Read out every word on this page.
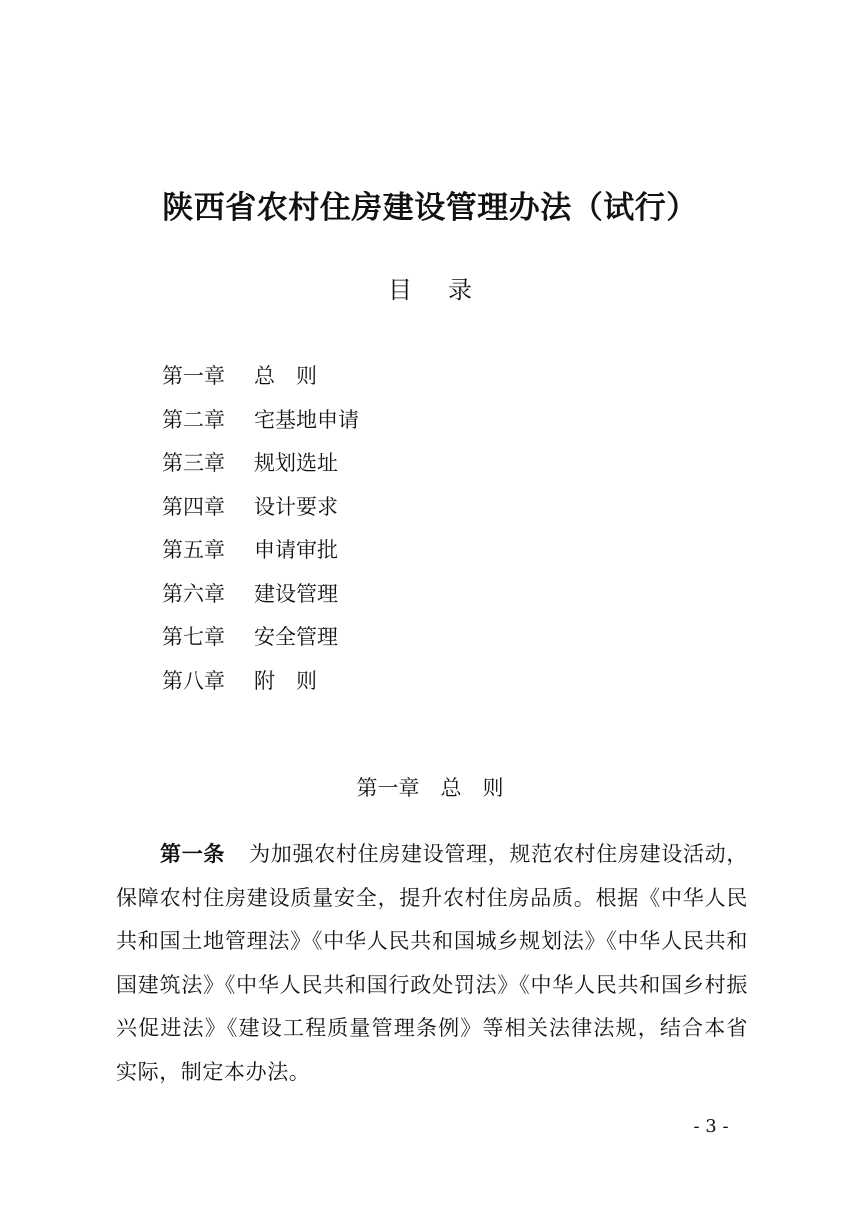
陕西省农村住房建设管理办法（试行）
目录
第一章 总　则
第二章 宅基地申请
第三章 规划选址
第四章 设计要求
第五章 申请审批
第六章 建设管理
第七章 安全管理
第八章 附　则
第一章　总　则

第一条 为加强农村住房建设管理，规范农村住房建设活动，保障农村住房建设质量安全，提升农村住房品质。根据《中华人民共和国土地管理法》《中华人民共和国城乡规划法》《中华人民共和国建筑法》《中华人民共和国行政处罚法》《中华人民共和国乡村振兴促进法》《建设工程质量管理条例》等相关法律法规，结合本省实际，制定本办法。

- 3 -
